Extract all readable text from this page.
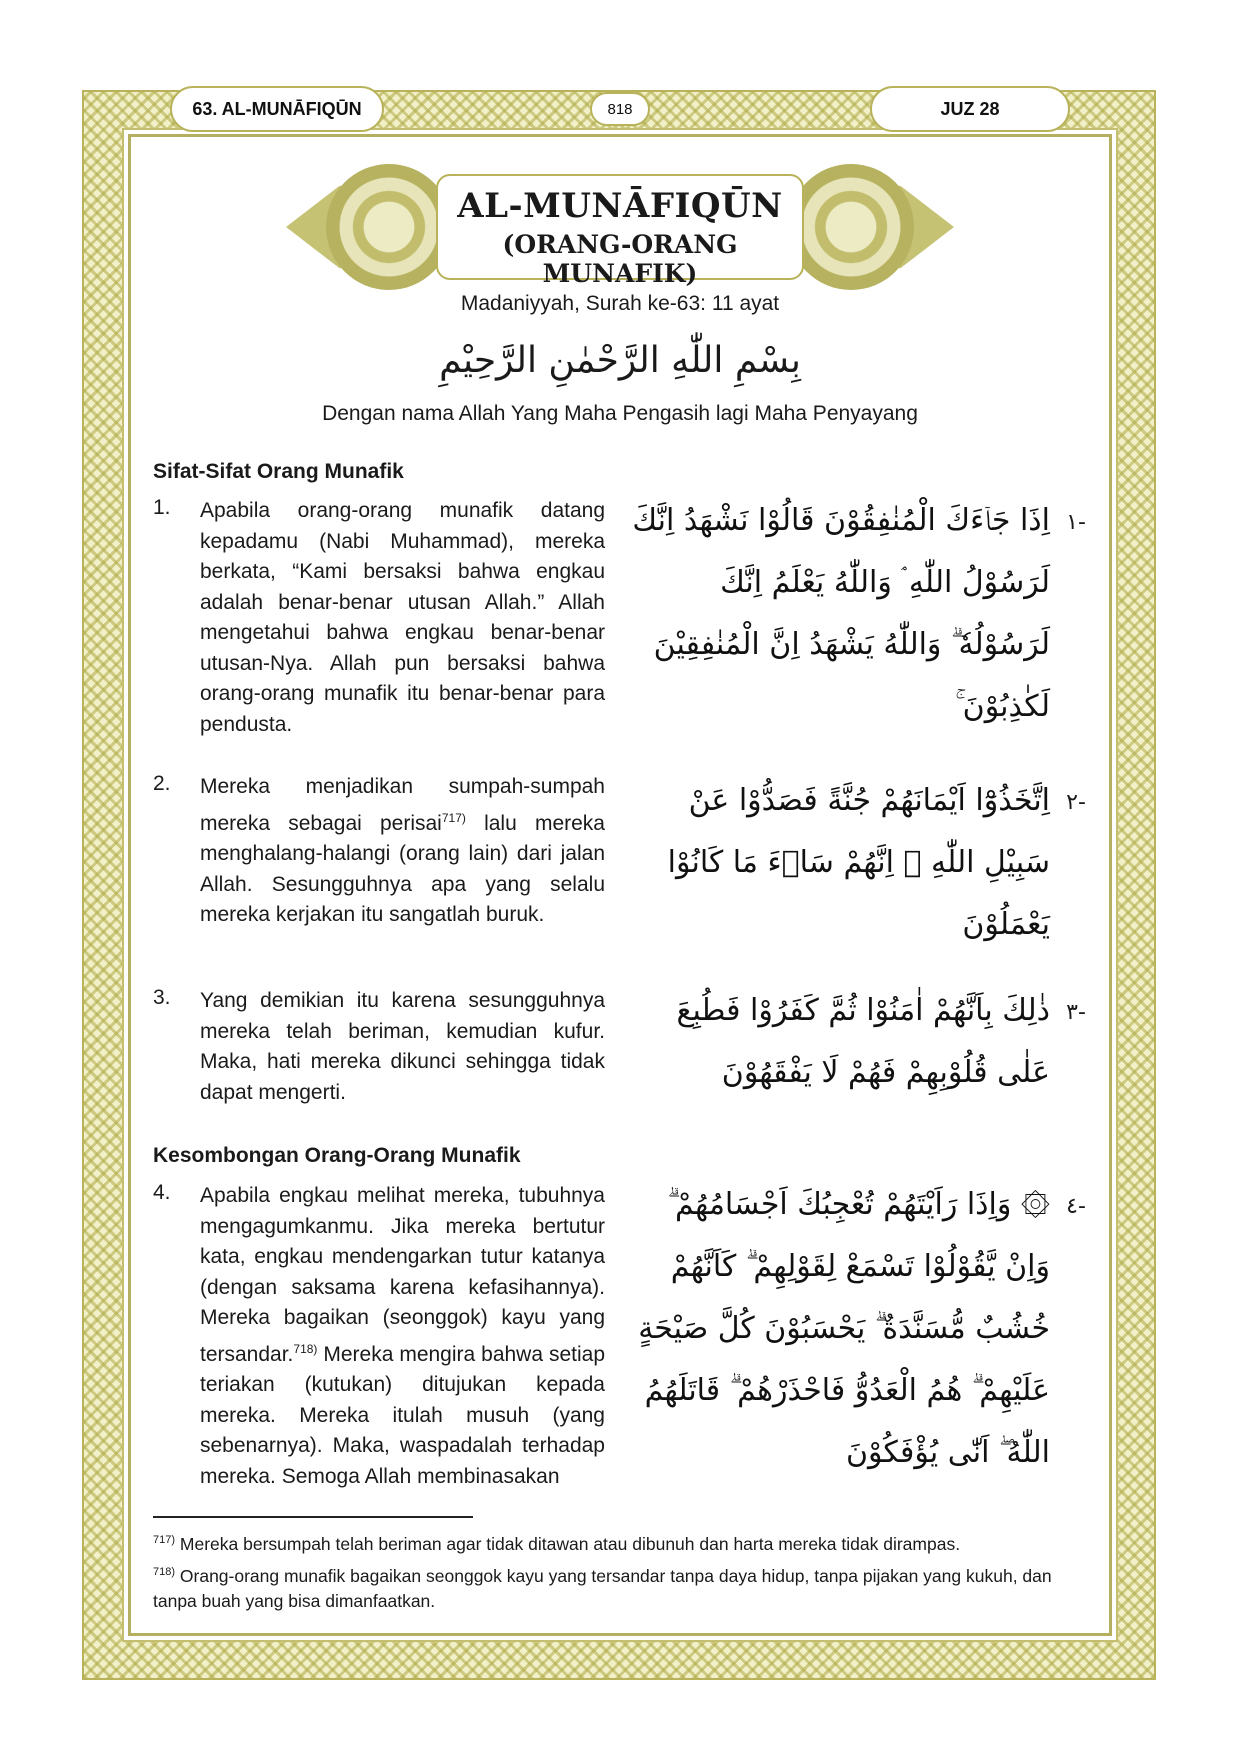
63. AL-MUNĀFIQŪN	818	JUZ 28
AL-MUNĀFIQŪN
(ORANG-ORANG MUNAFIK)
Madaniyyah, Surah ke-63: 11 ayat
بِسْمِ اللّٰهِ الرَّحْمٰنِ الرَّحِيْمِ
Dengan nama Allah Yang Maha Pengasih lagi Maha Penyayang
Sifat-Sifat Orang Munafik
1. Apabila orang-orang munafik datang kepadamu (Nabi Muhammad), mereka berkata, “Kami bersaksi bahwa engkau adalah benar-benar utusan Allah.” Allah mengetahui bahwa engkau benar-benar utusan-Nya. Allah pun bersaksi bahwa orang-orang munafik itu benar-benar para pendusta.
اِذَا جَاۤءَكَ الْمُنٰفِقُوْنَ قَالُوْا نَشْهَدُ اِنَّكَ لَرَسُوْلُ اللّٰهِ ۘ وَاللّٰهُ يَعْلَمُ اِنَّكَ لَرَسُوْلُهٗ ۗ وَاللّٰهُ يَشْهَدُ اِنَّ الْمُنٰفِقِيْنَ لَكٰذِبُوْنَ ۚ
-١
2. Mereka menjadikan sumpah-sumpah mereka sebagai perisai$^{717)}$ lalu mereka menghalang-halangi (orang lain) dari jalan Allah. Sesungguhnya apa yang selalu mereka kerjakan itu sangatlah buruk.
اِتَّخَذُوْٓا اَيْمَانَهُمْ جُنَّةً فَصَدُّوْا عَنْ سَبِيْلِ اللّٰهِ ۗ اِنَّهُمْ سَاۤءَ مَا كَانُوْا يَعْمَلُوْنَ
-٢
3. Yang demikian itu karena sesungguhnya mereka telah beriman, kemudian kufur. Maka, hati mereka dikunci sehingga tidak dapat mengerti.
ذٰلِكَ بِاَنَّهُمْ اٰمَنُوْا ثُمَّ كَفَرُوْا فَطُبِعَ عَلٰى قُلُوْبِهِمْ فَهُمْ لَا يَفْقَهُوْنَ
-٣
Kesombongan Orang-Orang Munafik
4. Apabila engkau melihat mereka, tubuhnya mengagumkanmu. Jika mereka bertutur kata, engkau mendengarkan tutur katanya (dengan saksama karena kefasihannya). Mereka bagaikan (seonggok) kayu yang tersandar.$^{718)}$ Mereka mengira bahwa setiap teriakan (kutukan) ditujukan kepada mereka. Mereka itulah musuh (yang sebenarnya). Maka, waspadalah terhadap mereka. Semoga Allah membinasakan
۞ وَاِذَا رَاَيْتَهُمْ تُعْجِبُكَ اَجْسَامُهُمْ ۗ وَاِنْ يَّقُوْلُوْا تَسْمَعْ لِقَوْلِهِمْ ۗ كَاَنَّهُمْ خُشُبٌ مُّسَنَّدَةٌ ۗ يَحْسَبُوْنَ كُلَّ صَيْحَةٍ عَلَيْهِمْ ۗ هُمُ الْعَدُوُّ فَاحْذَرْهُمْ ۗ قَاتَلَهُمُ اللّٰهُ ۖ اَنّٰى يُؤْفَكُوْنَ
-٤
$^{717)}$ Mereka bersumpah telah beriman agar tidak ditawan atau dibunuh dan harta mereka tidak dirampas.
$^{718)}$ Orang-orang munafik bagaikan seonggok kayu yang tersandar tanpa daya hidup, tanpa pijakan yang kukuh, dan tanpa buah yang bisa dimanfaatkan.
